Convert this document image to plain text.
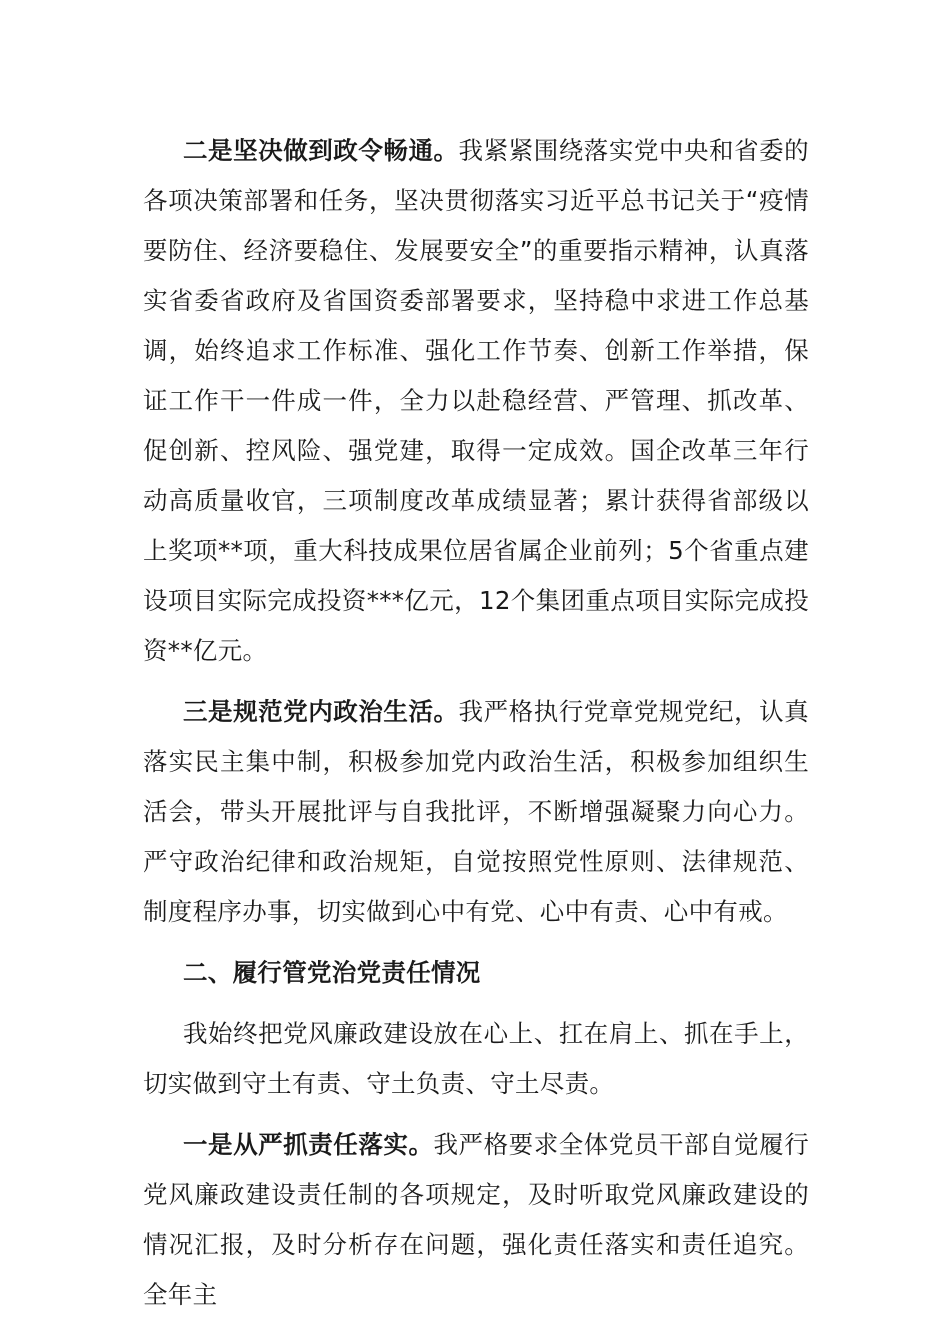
二是坚决做到政令畅通。我紧紧围绕落实党中央和省委的各项决策部署和任务，坚决贯彻落实习近平总书记关于“疫情要防住、经济要稳住、发展要安全”的重要指示精神，认真落实省委省政府及省国资委部署要求，坚持稳中求进工作总基调，始终追求工作标准、强化工作节奏、创新工作举措，保证工作干一件成一件，全力以赴稳经营、严管理、抓改革、促创新、控风险、强党建，取得一定成效。国企改革三年行动高质量收官，三项制度改革成绩显著；累计获得省部级以上奖项**项，重大科技成果位居省属企业前列；5个省重点建设项目实际完成投资***亿元，12个集团重点项目实际完成投资**亿元。

三是规范党内政治生活。我严格执行党章党规党纪，认真落实民主集中制，积极参加党内政治生活，积极参加组织生活会，带头开展批评与自我批评，不断增强凝聚力向心力。严守政治纪律和政治规矩，自觉按照党性原则、法律规范、制度程序办事，切实做到心中有党、心中有责、心中有戒。

二、履行管党治党责任情况

我始终把党风廉政建设放在心上、扛在肩上、抓在手上，切实做到守土有责、守土负责、守土尽责。

一是从严抓责任落实。我严格要求全体党员干部自觉履行党风廉政建设责任制的各项规定，及时听取党风廉政建设的情况汇报，及时分析存在问题，强化责任落实和责任追究。全年主
